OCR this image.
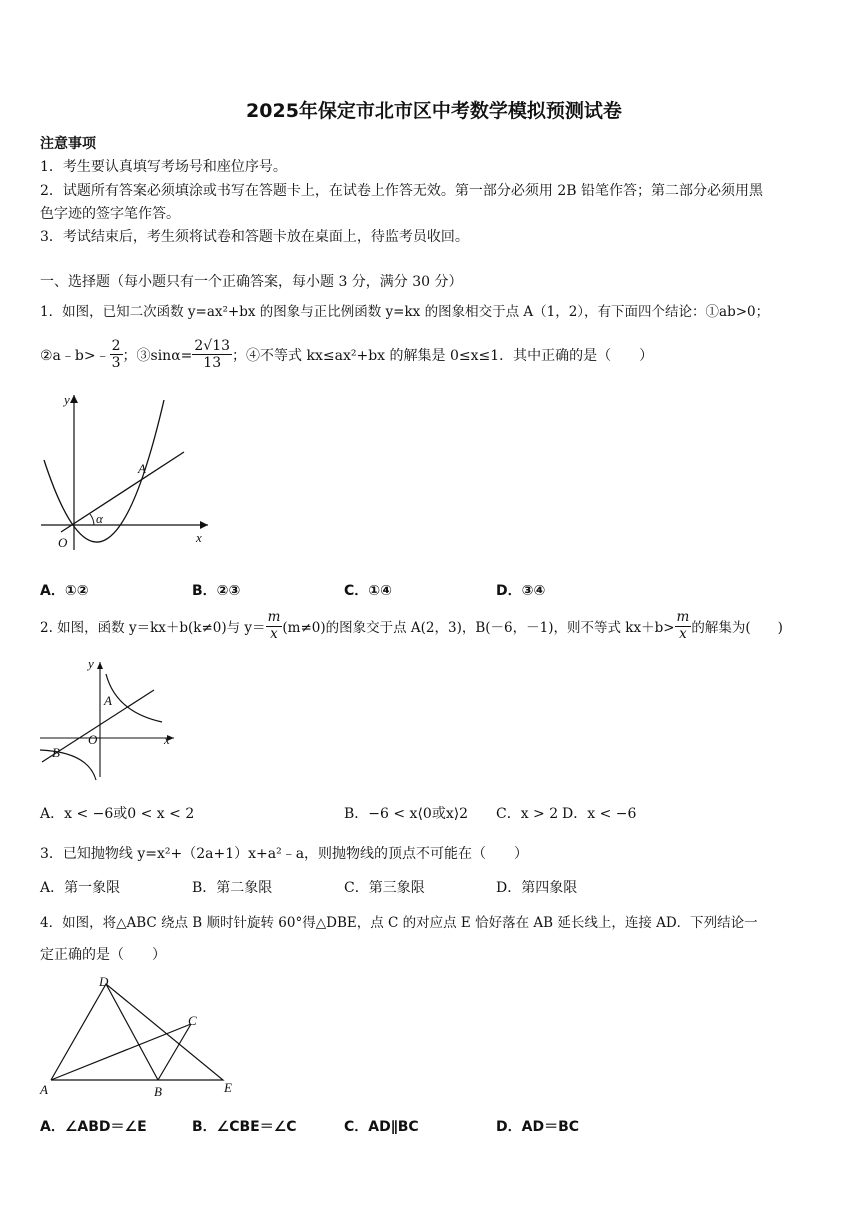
2025年保定市北市区中考数学模拟预测试卷
注意事项
1．考生要认真填写考场号和座位序号。
2．试题所有答案必须填涂或书写在答题卡上，在试卷上作答无效。第一部分必须用 2B 铅笔作答；第二部分必须用黑
色字迹的签字笔作答。
3．考试结束后，考生须将试卷和答题卡放在桌面上，待监考员收回。
一、选择题（每小题只有一个正确答案，每小题 3 分，满分 30 分）
1．如图，已知二次函数 y=ax²+bx 的图象与正比例函数 y=kx 的图象相交于点 A（1，2），有下面四个结论：①ab>0；
②a﹣b>﹣ $\frac{2}{3}$ ；③sinα= $\frac{2√13}{13}$ ；④不等式 kx≤ax²+bx 的解集是 0≤x≤1．其中正确的是（　　）
y
x
O
A
α
A．①②	B．②③	C．①④	D．③④
2. 如图，函数 y＝kx＋b(k≠0)与 $y= \frac{m}{x} (m\ne 0)$的图象交于点 A(2，3)，B(－6，－1)，则不等式 $kx+b> \frac{m}{x}$ 的解集为(　　)
y
x
O
A
B
A．x < −6或0 < x < 2	B．−6 < x⟨0或x⟩2 C．x > 2 D．x < −6
3．已知抛物线 y=x²+（2a+1）x+a²﹣a，则抛物线的顶点不可能在（　　）
A．第一象限	B．第二象限	C．第三象限	D．第四象限
4．如图，将△ABC 绕点 B 顺时针旋转 60°得△DBE，点 C 的对应点 E 恰好落在 AB 延长线上，连接 AD．下列结论一
定正确的是（　　）
D
C
A	B	E
A．∠ABD＝∠E	B．∠CBE＝∠C	C．AD∥BC	D．AD＝BC
